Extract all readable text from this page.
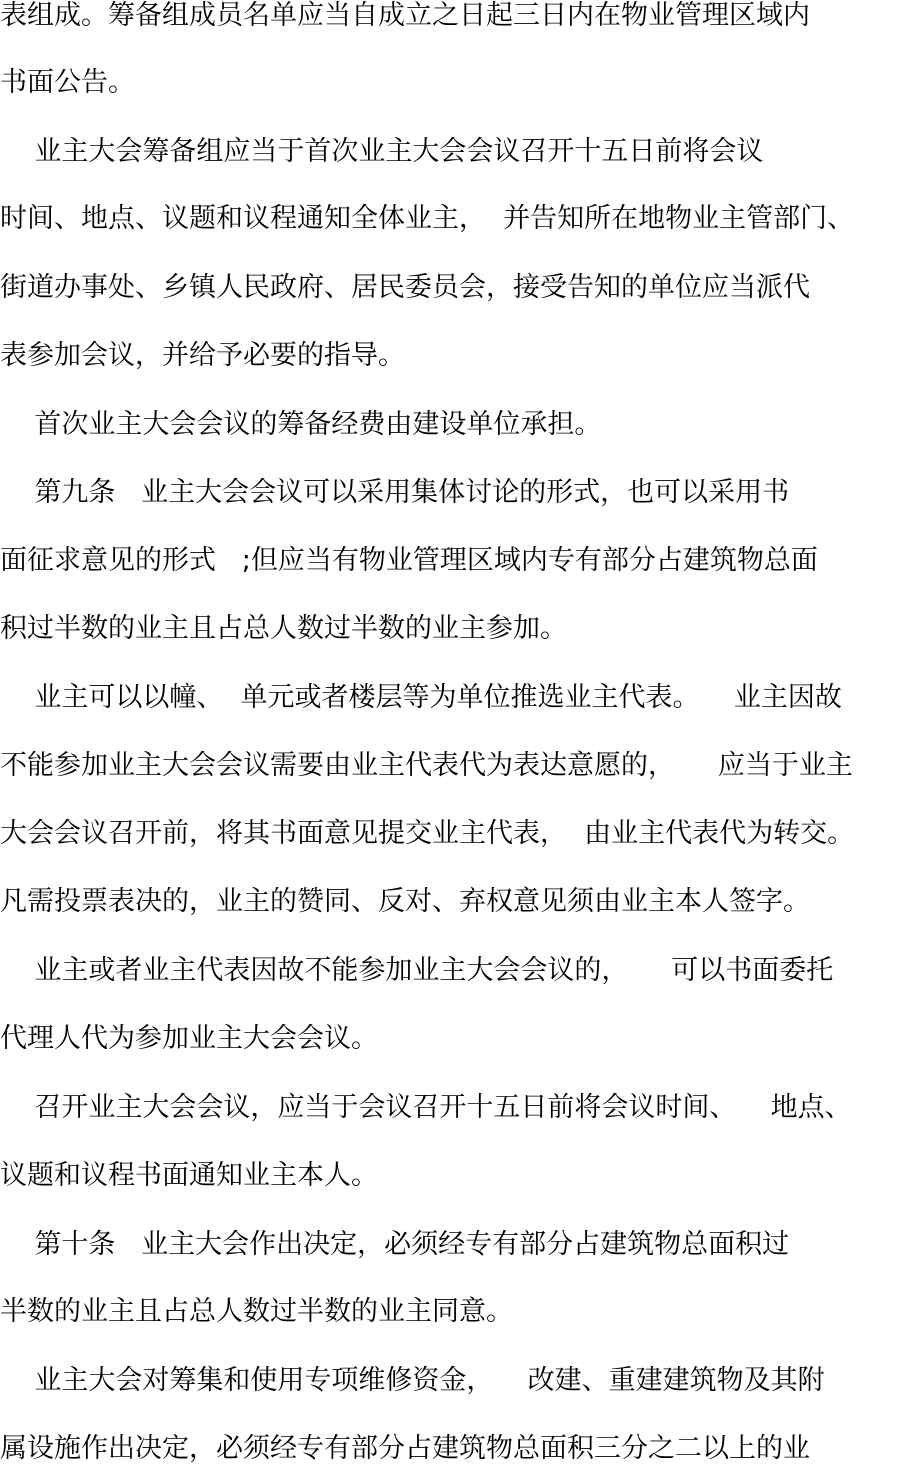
表组成。筹备组成员名单应当自成立之日起三日内在物业管理区域内
书面公告。
业主大会筹备组应当于首次业主大会会议召开十五日前将会议
时间、地点、议题和议程通知全体业主，  并告知所在地物业主管部门、
街道办事处、乡镇人民政府、居民委员会，接受告知的单位应当派代
表参加会议，并给予必要的指导。
首次业主大会会议的筹备经费由建设单位承担。
第九条   业主大会会议可以采用集体讨论的形式，也可以采用书
面征求意见的形式   ;但应当有物业管理区域内专有部分占建筑物总面
积过半数的业主且占总人数过半数的业主参加。
业主可以以幢、  单元或者楼层等为单位推选业主代表。    业主因故
不能参加业主大会会议需要由业主代表代为表达意愿的，     应当于业主
大会会议召开前，将其书面意见提交业主代表，  由业主代表代为转交。
凡需投票表决的，业主的赞同、反对、弃权意见须由业主本人签字。
业主或者业主代表因故不能参加业主大会会议的，     可以书面委托
代理人代为参加业主大会会议。
召开业主大会会议，应当于会议召开十五日前将会议时间、    地点、
议题和议程书面通知业主本人。
第十条   业主大会作出决定，必须经专有部分占建筑物总面积过
半数的业主且占总人数过半数的业主同意。
业主大会对筹集和使用专项维修资金，    改建、重建建筑物及其附
属设施作出决定，必须经专有部分占建筑物总面积三分之二以上的业
